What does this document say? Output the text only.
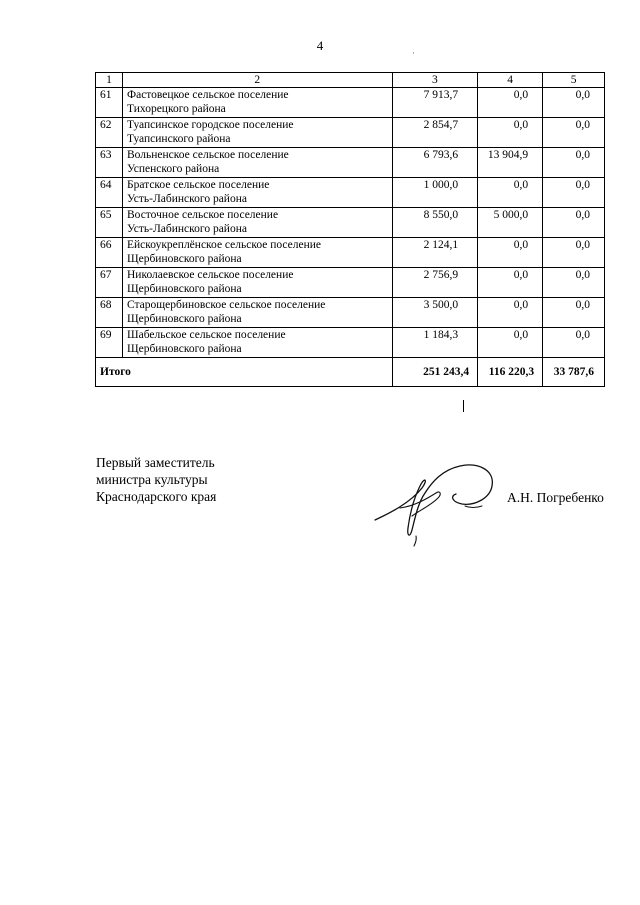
4	·
1	2	3	4	5
61	Фастовецкое сельское поселение
Тихорецкого района	7 913,7	0,0	0,0
62	Туапсинское городское поселение
Туапсинского района	2 854,7	0,0	0,0
63	Вольненское сельское поселение
Успенского района	6 793,6	13 904,9	0,0
64	Братское сельское поселение
Усть-Лабинского района	1 000,0	0,0	0,0
65	Восточное сельское поселение
Усть-Лабинского района	8 550,0	5 000,0	0,0
66	Ейскоукреплёнское сельское поселение
Щербиновского района	2 124,1	0,0	0,0
67	Николаевское сельское поселение
Щербиновского района	2 756,9	0,0	0,0
68	Старощербиновское сельское поселение
Щербиновского района	3 500,0	0,0	0,0
69	Шабельское сельское поселение
Щербиновского района	1 184,3	0,0	0,0
Итого		251 243,4	116 220,3	33 787,6
Первый заместитель
министра культуры
Краснодарского края	А.Н. Погребенко
